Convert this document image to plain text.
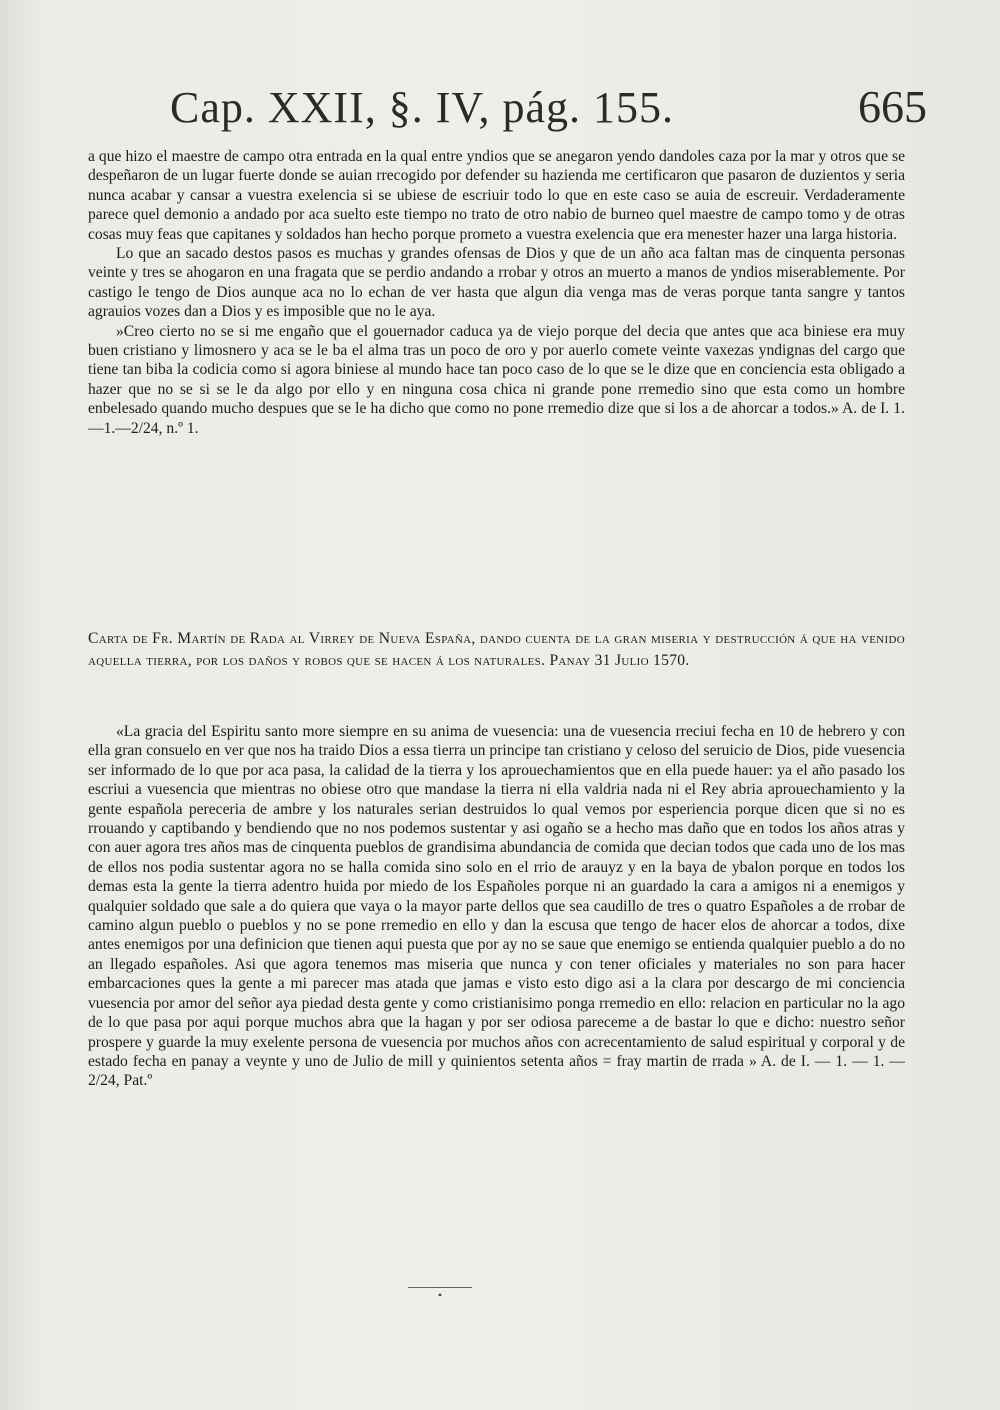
Cap. XXII, §. IV, pág. 155.	665

a que hizo el maestre de campo otra entrada en la qual entre yndios que se anegaron yendo dandoles caza por la mar y otros que se despeñaron de un lugar fuerte donde se auian rrecogido por defender su hazienda me certificaron que pasaron de duzientos y seria nunca acabar y cansar a vuestra exelencia si se ubiese de escriuir todo lo que en este caso se auia de escreuir. Verdaderamente parece quel demonio a andado por aca suelto este tiempo no trato de otro nabio de burneo quel maestre de campo tomo y de otras cosas muy feas que capitanes y soldados han hecho porque prometo a vuestra exelencia que era menester hazer una larga historia.

Lo que an sacado destos pasos es muchas y grandes ofensas de Dios y que de un año aca faltan mas de cinquenta personas veinte y tres se ahogaron en una fragata que se perdio andando a rrobar y otros an muerto a manos de yndios miserablemente. Por castigo le tengo de Dios aunque aca no lo echan de ver hasta que algun dia venga mas de veras porque tanta sangre y tantos agrauios vozes dan a Dios y es imposible que no le aya.

»Creo cierto no se si me engaño que el gouernador caduca ya de viejo porque del decia que antes que aca biniese era muy buen cristiano y limosnero y aca se le ba el alma tras un poco de oro y por auerlo comete veinte vaxezas yndignas del cargo que tiene tan biba la codicia como si agora biniese al mundo hace tan poco caso de lo que se le dize que en conciencia esta obligado a hazer que no se si se le da algo por ello y en ninguna cosa chica ni grande pone rremedio sino que esta como un hombre enbelesado quando mucho despues que se le ha dicho que como no pone rremedio dize que si los a de ahorcar a todos.» A. de I. 1.—1.—2/24, n.º 1.

Carta de Fr. Martín de Rada al Virrey de Nueva España, dando cuenta de la gran miseria y destrucción á que ha venido aquella tierra, por los daños y robos que se hacen á los naturales. Panay 31 Julio 1570.

«La gracia del Espiritu santo more siempre en su anima de vuesencia: una de vuesencia rreciui fecha en 10 de hebrero y con ella gran consuelo en ver que nos ha traido Dios a essa tierra un principe tan cristiano y celoso del seruicio de Dios, pide vuesencia ser informado de lo que por aca pasa, la calidad de la tierra y los aprouechamientos que en ella puede hauer: ya el año pasado los escriui a vuesencia que mientras no obiese otro que mandase la tierra ni ella valdria nada ni el Rey abria aprouechamiento y la gente española pereceria de ambre y los naturales serian destruidos lo qual vemos por esperiencia porque dicen que si no es rrouando y captibando y bendiendo que no nos podemos sustentar y asi ogaño se a hecho mas daño que en todos los años atras y con auer agora tres años mas de cinquenta pueblos de grandisima abundancia de comida que decian todos que cada uno de los mas de ellos nos podia sustentar agora no se halla comida sino solo en el rrio de arauyz y en la baya de ybalon porque en todos los demas esta la gente la tierra adentro huida por miedo de los Españoles porque ni an guardado la cara a amigos ni a enemigos y qualquier soldado que sale a do quiera que vaya o la mayor parte dellos que sea caudillo de tres o quatro Españoles a de rrobar de camino algun pueblo o pueblos y no se pone rremedio en ello y dan la escusa que tengo de hacer elos de ahorcar a todos, dixe antes enemigos por una definicion que tienen aqui puesta que por ay no se saue que enemigo se entienda qualquier pueblo a do no an llegado españoles. Asi que agora tenemos mas miseria que nunca y con tener oficiales y materiales no son para hacer embarcaciones ques la gente a mi parecer mas atada que jamas e visto esto digo asi a la clara por descargo de mi conciencia vuesencia por amor del señor aya piedad desta gente y como cristianisimo ponga rremedio en ello: relacion en particular no la ago de lo que pasa por aqui porque muchos abra que la hagan y por ser odiosa pareceme a de bastar lo que e dicho: nuestro señor prospere y guarde la muy exelente persona de vuesencia por muchos años con acrecentamiento de salud espiritual y corporal y de estado fecha en panay a veynte y uno de Julio de mill y quinientos setenta años = fray martin de rrada » A. de I. — 1. — 1. — 2/24, Pat.º

•
